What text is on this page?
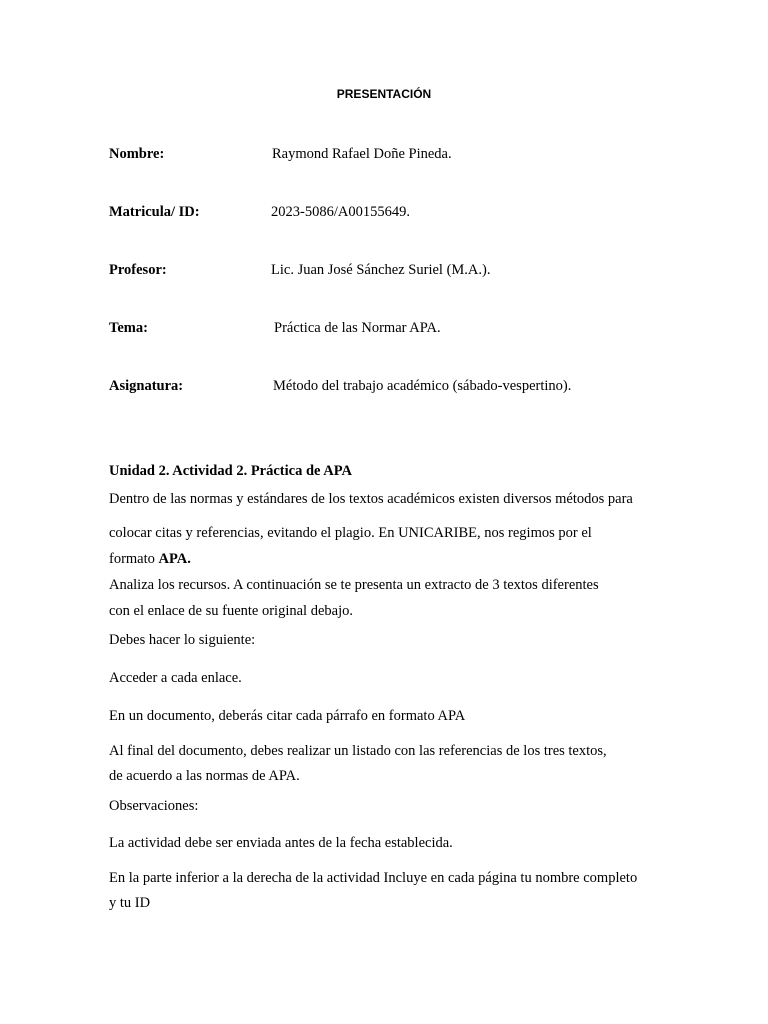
PRESENTACIÓN
Nombre:	Raymond Rafael Doñe Pineda.
Matricula/ ID:	2023-5086/A00155649.
Profesor:	Lic. Juan José Sánchez Suriel (M.A.).
Tema:	Práctica de las Normar APA.
Asignatura:	Método del trabajo académico (sábado-vespertino).
Unidad 2. Actividad 2. Práctica de APA
Dentro de las normas y estándares de los textos académicos existen diversos métodos para
colocar citas y referencias, evitando el plagio. En UNICARIBE, nos regimos por el
formato APA.
Analiza los recursos. A continuación se te presenta un extracto de 3 textos diferentes
con el enlace de su fuente original debajo.
Debes hacer lo siguiente:
Acceder a cada enlace.
En un documento, deberás citar cada párrafo en formato APA
Al final del documento, debes realizar un listado con las referencias de los tres textos,
de acuerdo a las normas de APA.
Observaciones:
La actividad debe ser enviada antes de la fecha establecida.
En la parte inferior a la derecha de la actividad Incluye en cada página tu nombre completo
y tu ID
